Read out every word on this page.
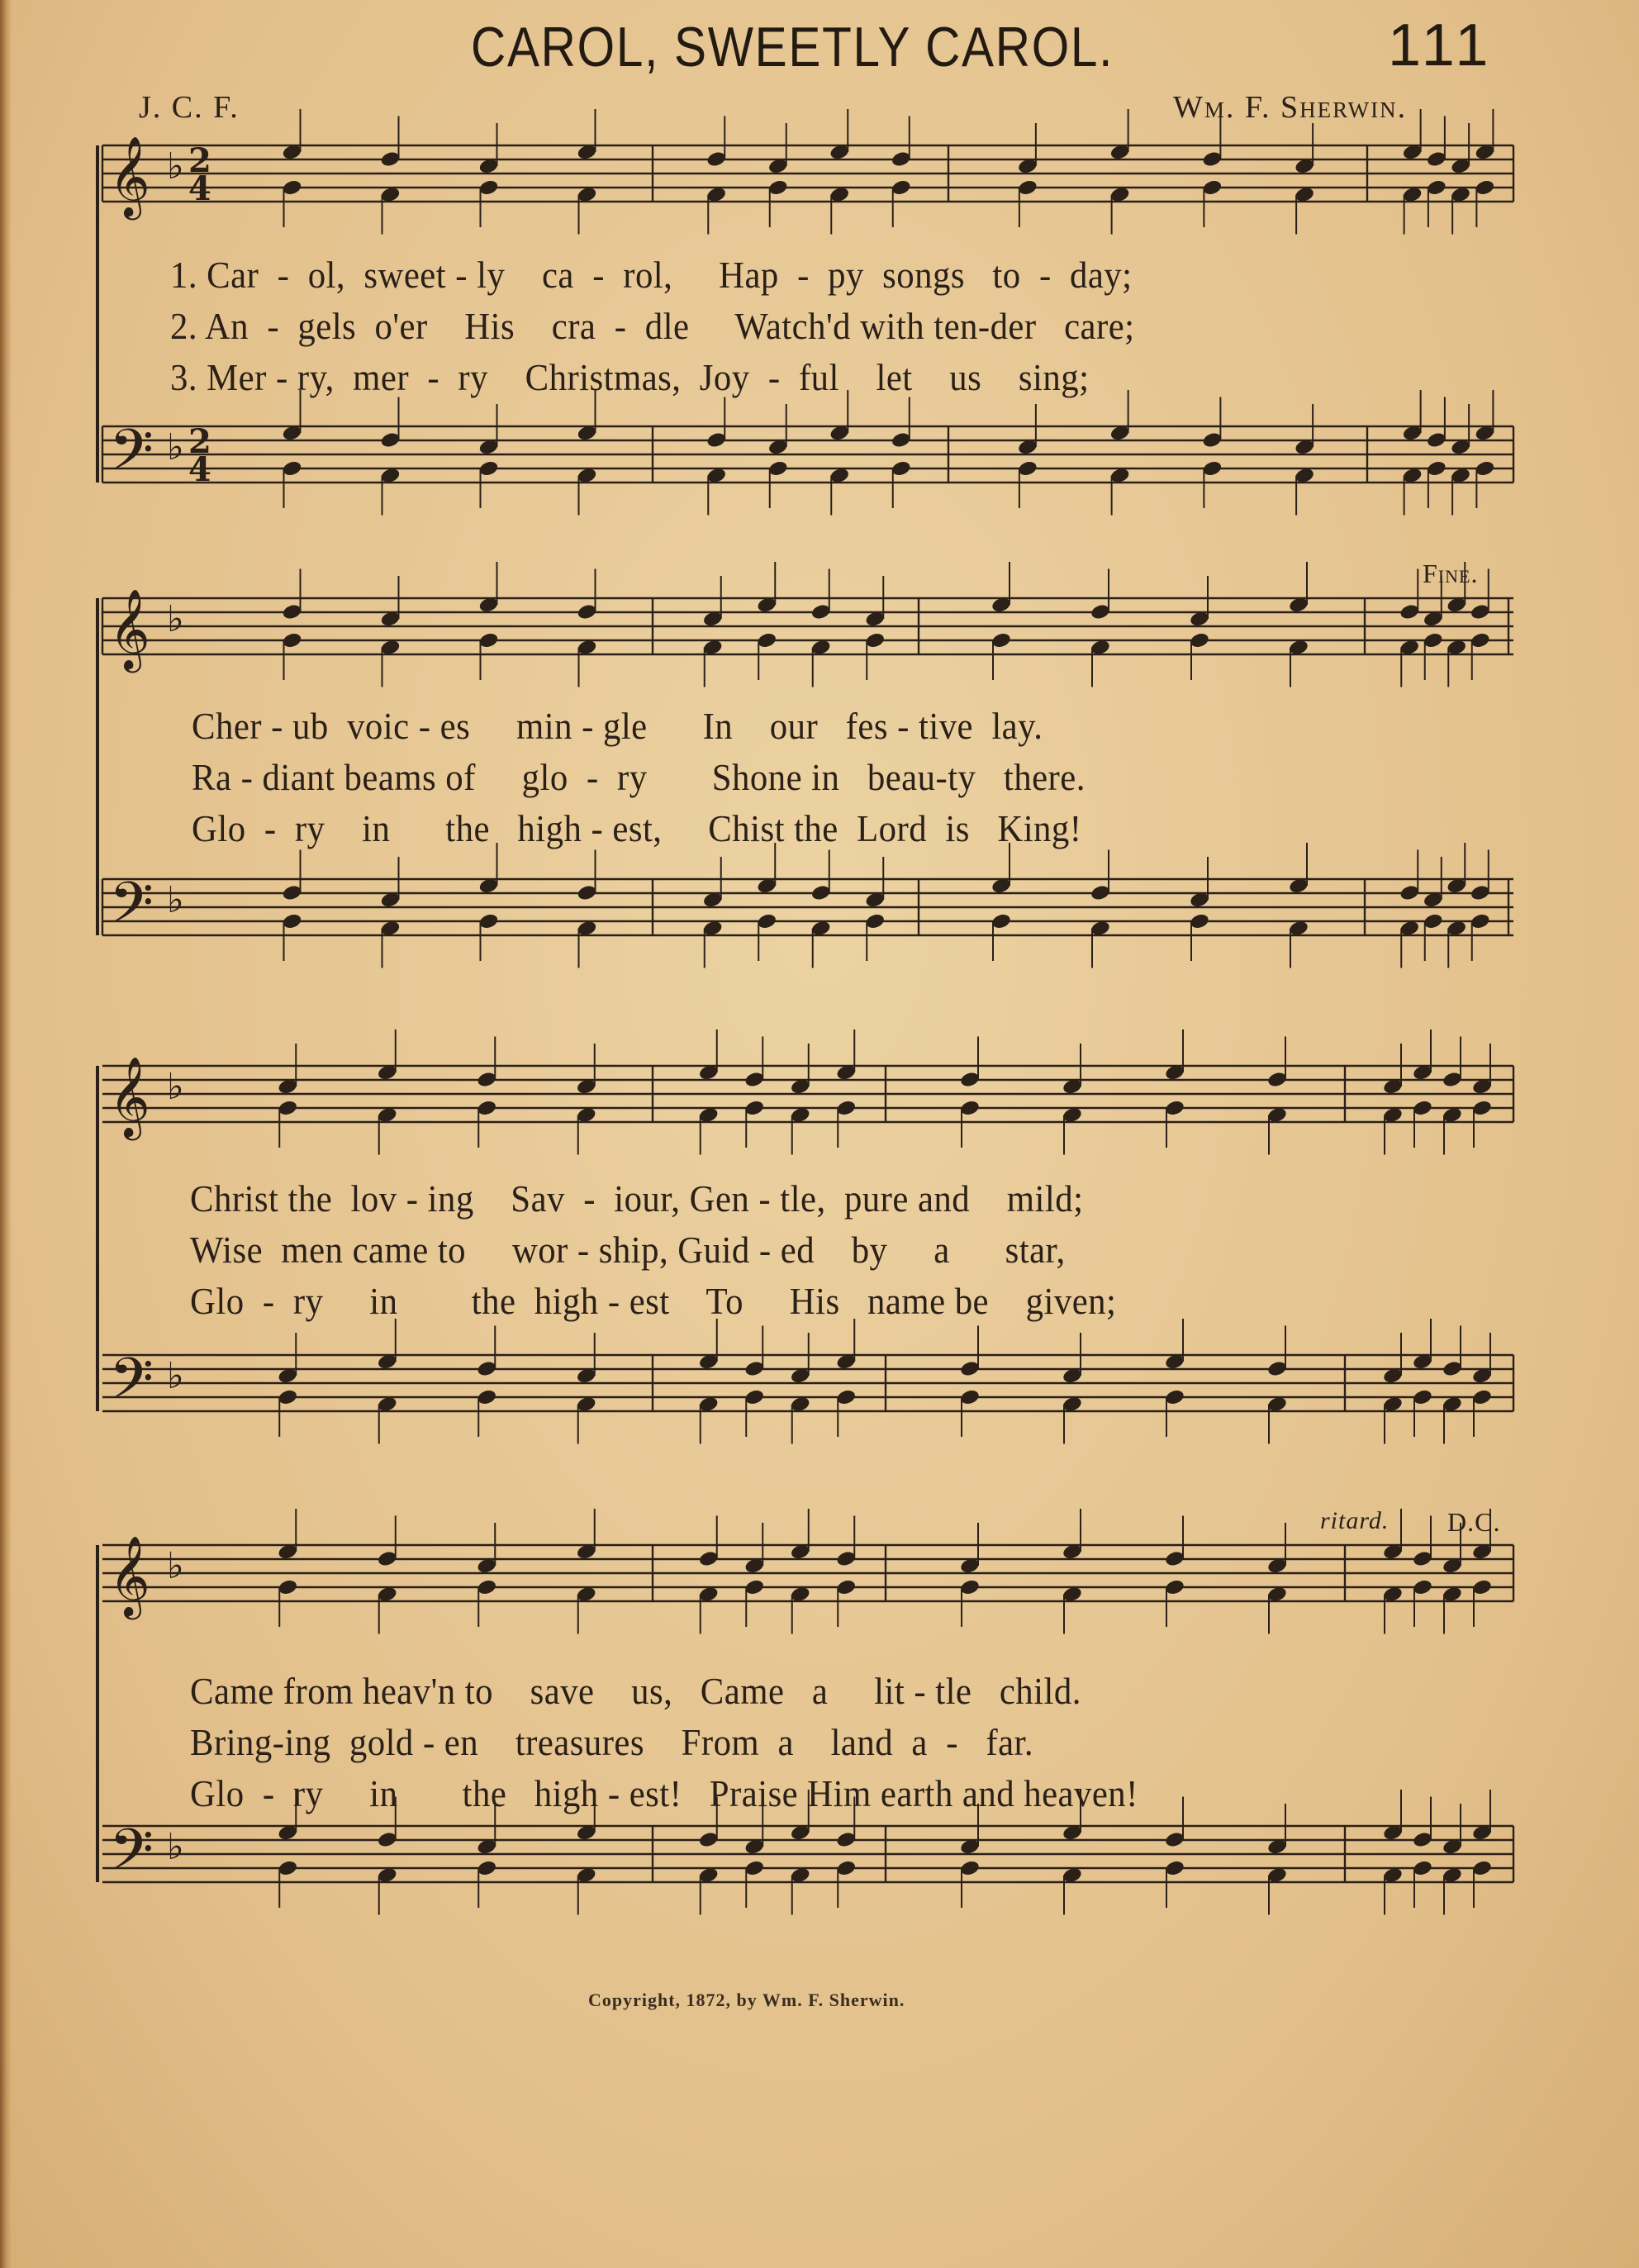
CAROL, SWEETLY CAROL.	111
J. C. F.	Wm. F. Sherwin.
Fine.
ritard. D.C.
𝄞 ♭
𝄢 ♭
𝄞 ♭
𝄢 ♭
𝄞 ♭
𝄢 ♭
𝄞 ♭
𝄢 ♭
2
2
4
4
1. Car  -  ol,  sweet - ly    ca  -  rol,     Hap  -  py  songs   to  -  day;
2. An  -  gels  o'er    His    cra  -  dle     Watch'd with ten-der   care;
3. Mer - ry,  mer  -  ry    Christmas,  Joy  -  ful    let    us    sing;
Cher - ub  voic - es     min - gle      In    our   fes - tive  lay.
Ra - diant beams of     glo  -  ry       Shone in   beau-ty   there.
Glo  -  ry    in      the   high - est,     Chist the  Lord  is   King!
Christ the  lov - ing    Sav  -  iour, Gen - tle,  pure and    mild;
Wise  men came to     wor - ship, Guid - ed    by     a      star,
Glo  -  ry     in        the  high - est    To     His   name be    given;
Came from heav'n to    save    us,   Came   a     lit - tle   child.
Bring-ing  gold - en    treasures    From  a    land  a  -   far.
Glo  -  ry     in       the   high - est!   Praise Him earth and heaven!
Copyright, 1872, by Wm. F. Sherwin.
